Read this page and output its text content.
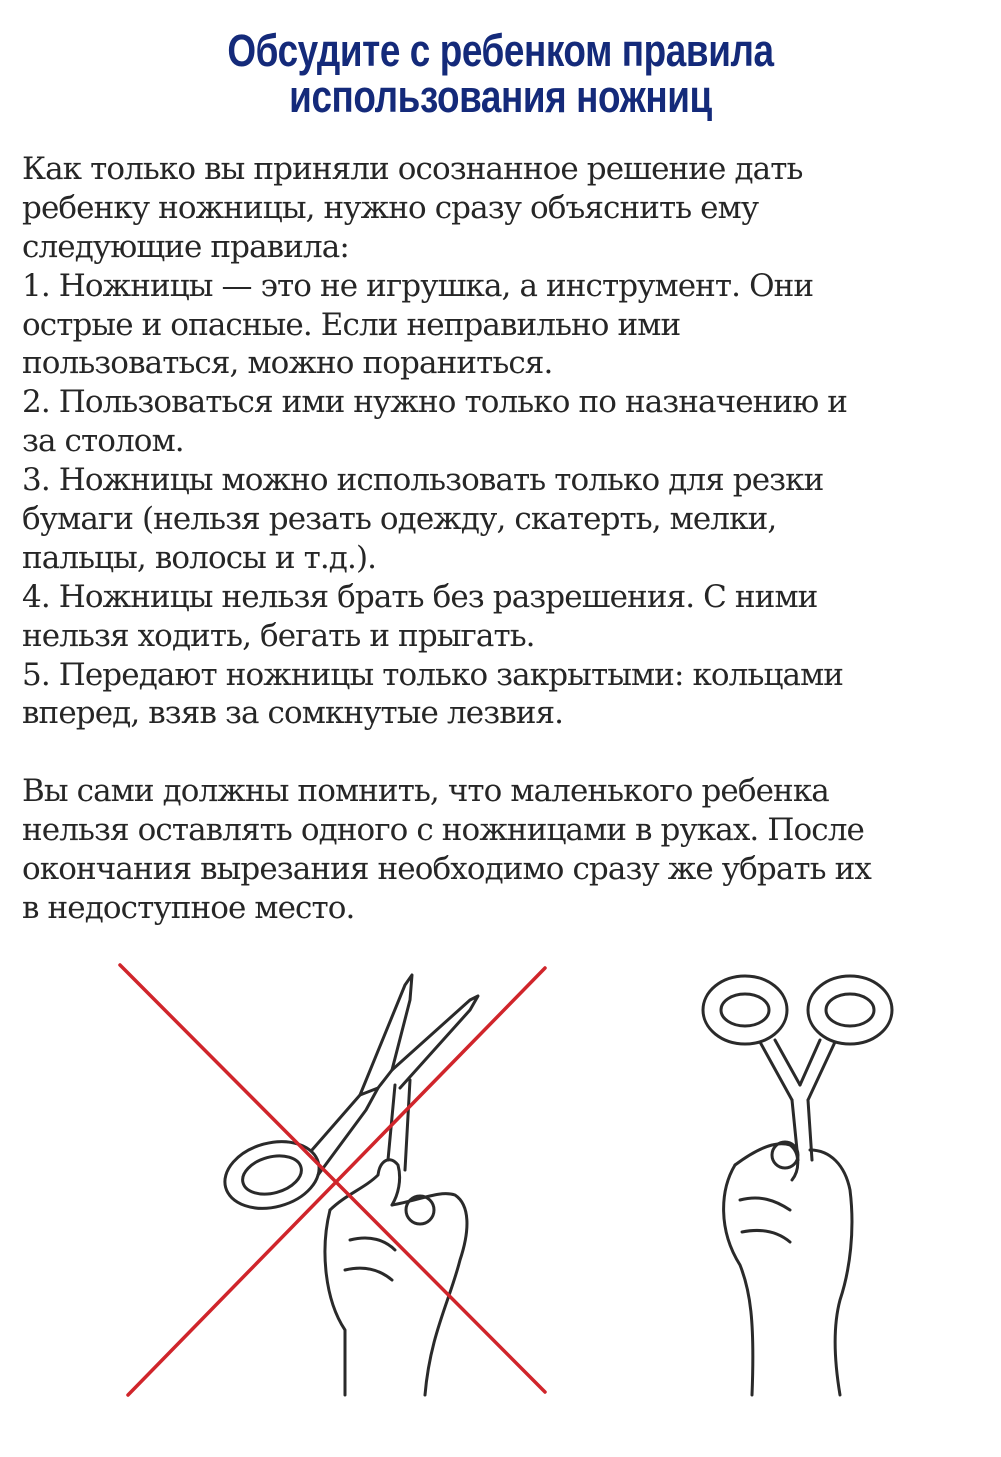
Обсудите с ребенком правила
использования ножниц
Как только вы приняли осознанное решение дать
ребенку ножницы, нужно сразу объяснить ему
следующие правила:
1. Ножницы — это не игрушка, а инструмент. Они
острые и опасные. Если неправильно ими
пользоваться, можно пораниться.
2. Пользоваться ими нужно только по назначению и
за столом.
3. Ножницы можно использовать только для резки
бумаги (нельзя резать одежду, скатерть, мелки,
пальцы, волосы и т.д.).
4. Ножницы нельзя брать без разрешения. С ними
нельзя ходить, бегать и прыгать.
5. Передают ножницы только закрытыми: кольцами
вперед, взяв за сомкнутые лезвия.
Вы сами должны помнить, что маленького ребенка
нельзя оставлять одного с ножницами в руках. После
окончания вырезания необходимо сразу же убрать их
в недоступное место.
